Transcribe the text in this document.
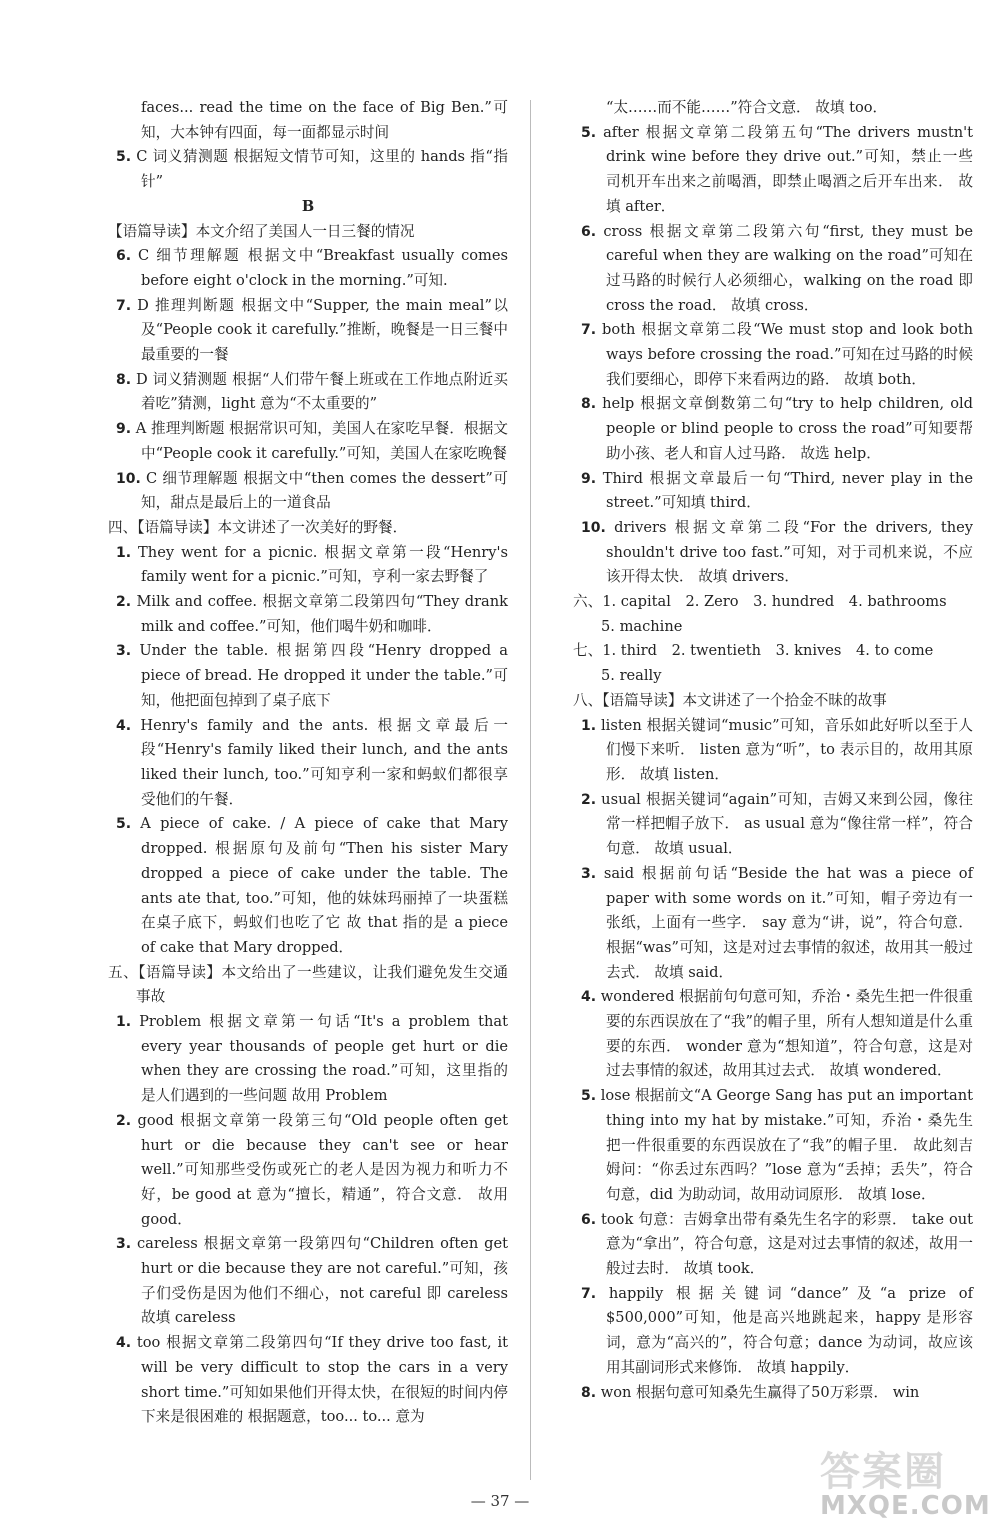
faces... read the time on the face of Big Ben.”可知，大本钟有四面，每一面都显示时间

5. C 词义猜测题 根据短文情节可知，这里的 hands 指“指针”

B

【语篇导读】本文介绍了美国人一日三餐的情况

6. C 细节理解题 根据文中“Breakfast usually comes before eight o'clock in the morning.”可知.

7. D 推理判断题 根据文中“Supper, the main meal”以及“People cook it carefully.”推断，晚餐是一日三餐中最重要的一餐

8. D 词义猜测题 根据“人们带午餐上班或在工作地点附近买着吃”猜测，light 意为“不太重要的”

9. A 推理判断题 根据常识可知，美国人在家吃早餐．根据文中“People cook it carefully.”可知，美国人在家吃晚餐

10. C 细节理解题 根据文中“then comes the dessert”可知，甜点是最后上的一道食品

四、【语篇导读】本文讲述了一次美好的野餐．

1. They went for a picnic. 根据文章第一段“Henry's family went for a picnic.”可知，亨利一家去野餐了

2. Milk and coffee. 根据文章第二段第四句“They drank milk and coffee.”可知，他们喝牛奶和咖啡．

3. Under the table. 根据第四段“Henry dropped a piece of bread. He dropped it under the table.”可知，他把面包掉到了桌子底下

4. Henry's family and the ants. 根据文章最后一段“Henry's family liked their lunch, and the ants liked their lunch, too.”可知亨利一家和蚂蚁们都很享受他们的午餐．

5. A piece of cake. / A piece of cake that Mary dropped. 根据原句及前句“Then his sister Mary dropped a piece of cake under the table. The ants ate that, too.”可知，他的妹妹玛丽掉了一块蛋糕在桌子底下，蚂蚁们也吃了它 故 that 指的是 a piece of cake that Mary dropped．

五、【语篇导读】本文给出了一些建议，让我们避免发生交通事故

1. Problem 根据文章第一句话“It's a problem that every year thousands of people get hurt or die when they are crossing the road.”可知，这里指的是人们遇到的一些问题 故用 Problem

2. good 根据文章第一段第三句“Old people often get hurt or die because they can't see or hear well.”可知那些受伤或死亡的老人是因为视力和听力不好，be good at 意为“擅长，精通”，符合文意． 故用 good．

3. careless 根据文章第一段第四句“Children often get hurt or die because they are not careful.”可知，孩子们受伤是因为他们不细心，not careful 即 careless 故填 careless

4. too 根据文章第二段第四句“If they drive too fast, it will be very difficult to stop the cars in a very short time.”可知如果他们开得太快，在很短的时间内停下来是很困难的 根据题意，too... to... 意为

“太……而不能……”符合文意． 故填 too．

5. after 根据文章第二段第五句“The drivers mustn't drink wine before they drive out.”可知，禁止一些司机开车出来之前喝酒，即禁止喝酒之后开车出来． 故填 after．

6. cross 根据文章第二段第六句“first, they must be careful when they are walking on the road”可知在过马路的时候行人必须细心，walking on the road 即 cross the road． 故填 cross．

7. both 根据文章第二段“We must stop and look both ways before crossing the road.”可知在过马路的时候我们要细心，即停下来看两边的路． 故填 both．

8. help 根据文章倒数第二句“try to help children, old people or blind people to cross the road”可知要帮助小孩、老人和盲人过马路． 故选 help．

9. Third 根据文章最后一句“Third, never play in the street.”可知填 third．

10. drivers 根据文章第二段“For the drivers, they shouldn't drive too fast.”可知，对于司机来说，不应该开得太快． 故填 drivers．

六、1. capital　2. Zero　3. hundred　4. bathrooms

5. machine

七、1. third　2. twentieth　3. knives　4. to come

5. really

八、【语篇导读】本文讲述了一个拾金不昧的故事

1. listen 根据关键词“music”可知，音乐如此好听以至于人们慢下来听． listen 意为“听”，to 表示目的，故用其原形． 故填 listen．

2. usual 根据关键词“again”可知，吉姆又来到公园，像往常一样把帽子放下． as usual 意为“像往常一样”，符合句意． 故填 usual．

3. said 根据前句话“Beside the hat was a piece of paper with some words on it.”可知，帽子旁边有一张纸，上面有一些字． say 意为“讲，说”，符合句意． 根据“was”可知，这是对过去事情的叙述，故用其一般过去式． 故填 said．

4. wondered 根据前句句意可知，乔治・桑先生把一件很重要的东西误放在了“我”的帽子里，所有人想知道是什么重要的东西． wonder 意为“想知道”，符合句意，这是对过去事情的叙述，故用其过去式． 故填 wondered．

5. lose 根据前文“A George Sang has put an important thing into my hat by mistake.”可知，乔治・桑先生把一件很重要的东西误放在了“我”的帽子里． 故此刻吉姆问：“你丢过东西吗？”lose 意为“丢掉；丢失”，符合句意，did 为助动词，故用动词原形． 故填 lose．

6. took 句意：吉姆拿出带有桑先生名字的彩票． take out 意为“拿出”，符合句意，这是对过去事情的叙述，故用一般过去时． 故填 took．

7. happily 根据关键词“dance”及“a prize of $500,000”可知，他是高兴地跳起来，happy 是形容词，意为“高兴的”，符合句意；dance 为动词，故应该用其副词形式来修饰． 故填 happily．

8. won 根据句意可知桑先生赢得了50万彩票． win

— 37 —
答案圈
MXQE.COM
